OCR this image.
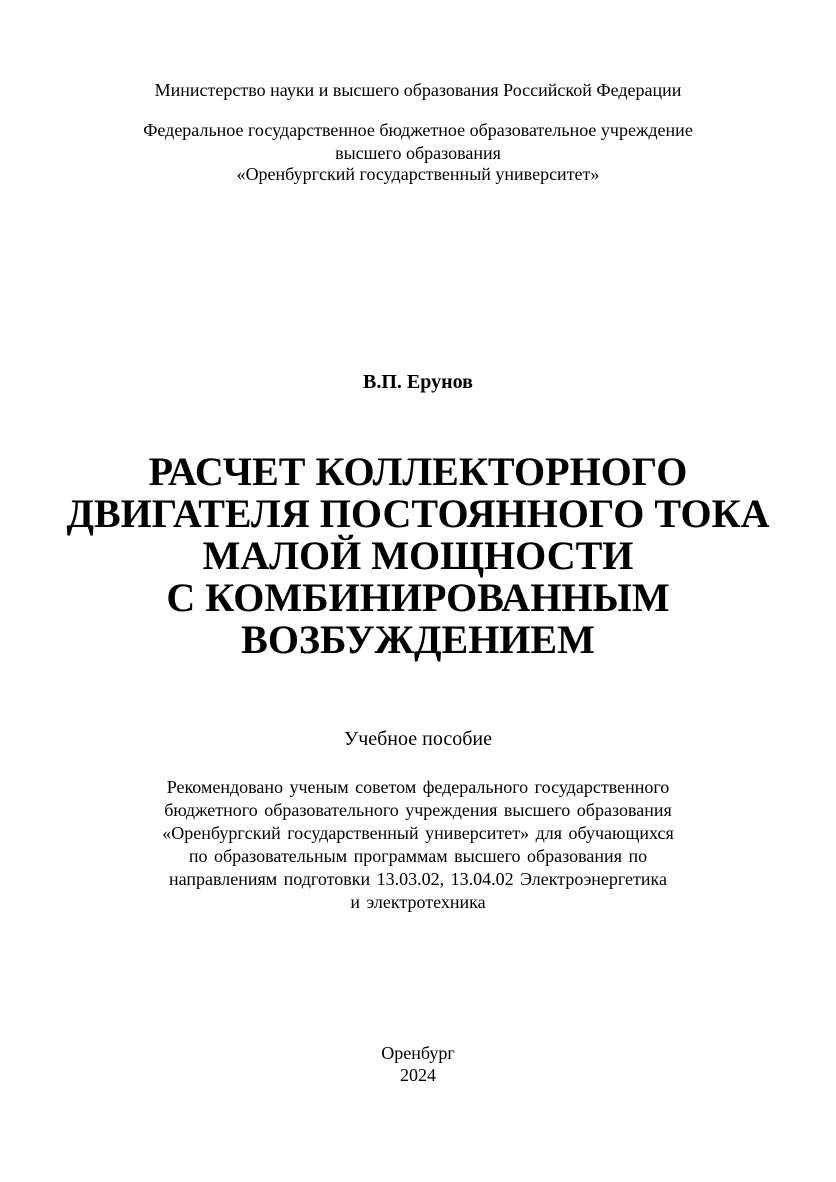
Министерство науки и высшего образования Российской Федерации
Федеральное государственное бюджетное образовательное учреждение
высшего образования
«Оренбургский государственный университет»
В.П. Ерунов
РАСЧЕТ КОЛЛЕКТОРНОГО
ДВИГАТЕЛЯ ПОСТОЯННОГО ТОКА
МАЛОЙ МОЩНОСТИ
С КОМБИНИРОВАННЫМ
ВОЗБУЖДЕНИЕМ
Учебное пособие
Рекомендовано ученым советом федерального государственного
бюджетного образовательного учреждения высшего образования
«Оренбургский государственный университет» для обучающихся
по образовательным программам высшего образования по
направлениям подготовки 13.03.02, 13.04.02 Электроэнергетика
и электротехника
Оренбург
2024
